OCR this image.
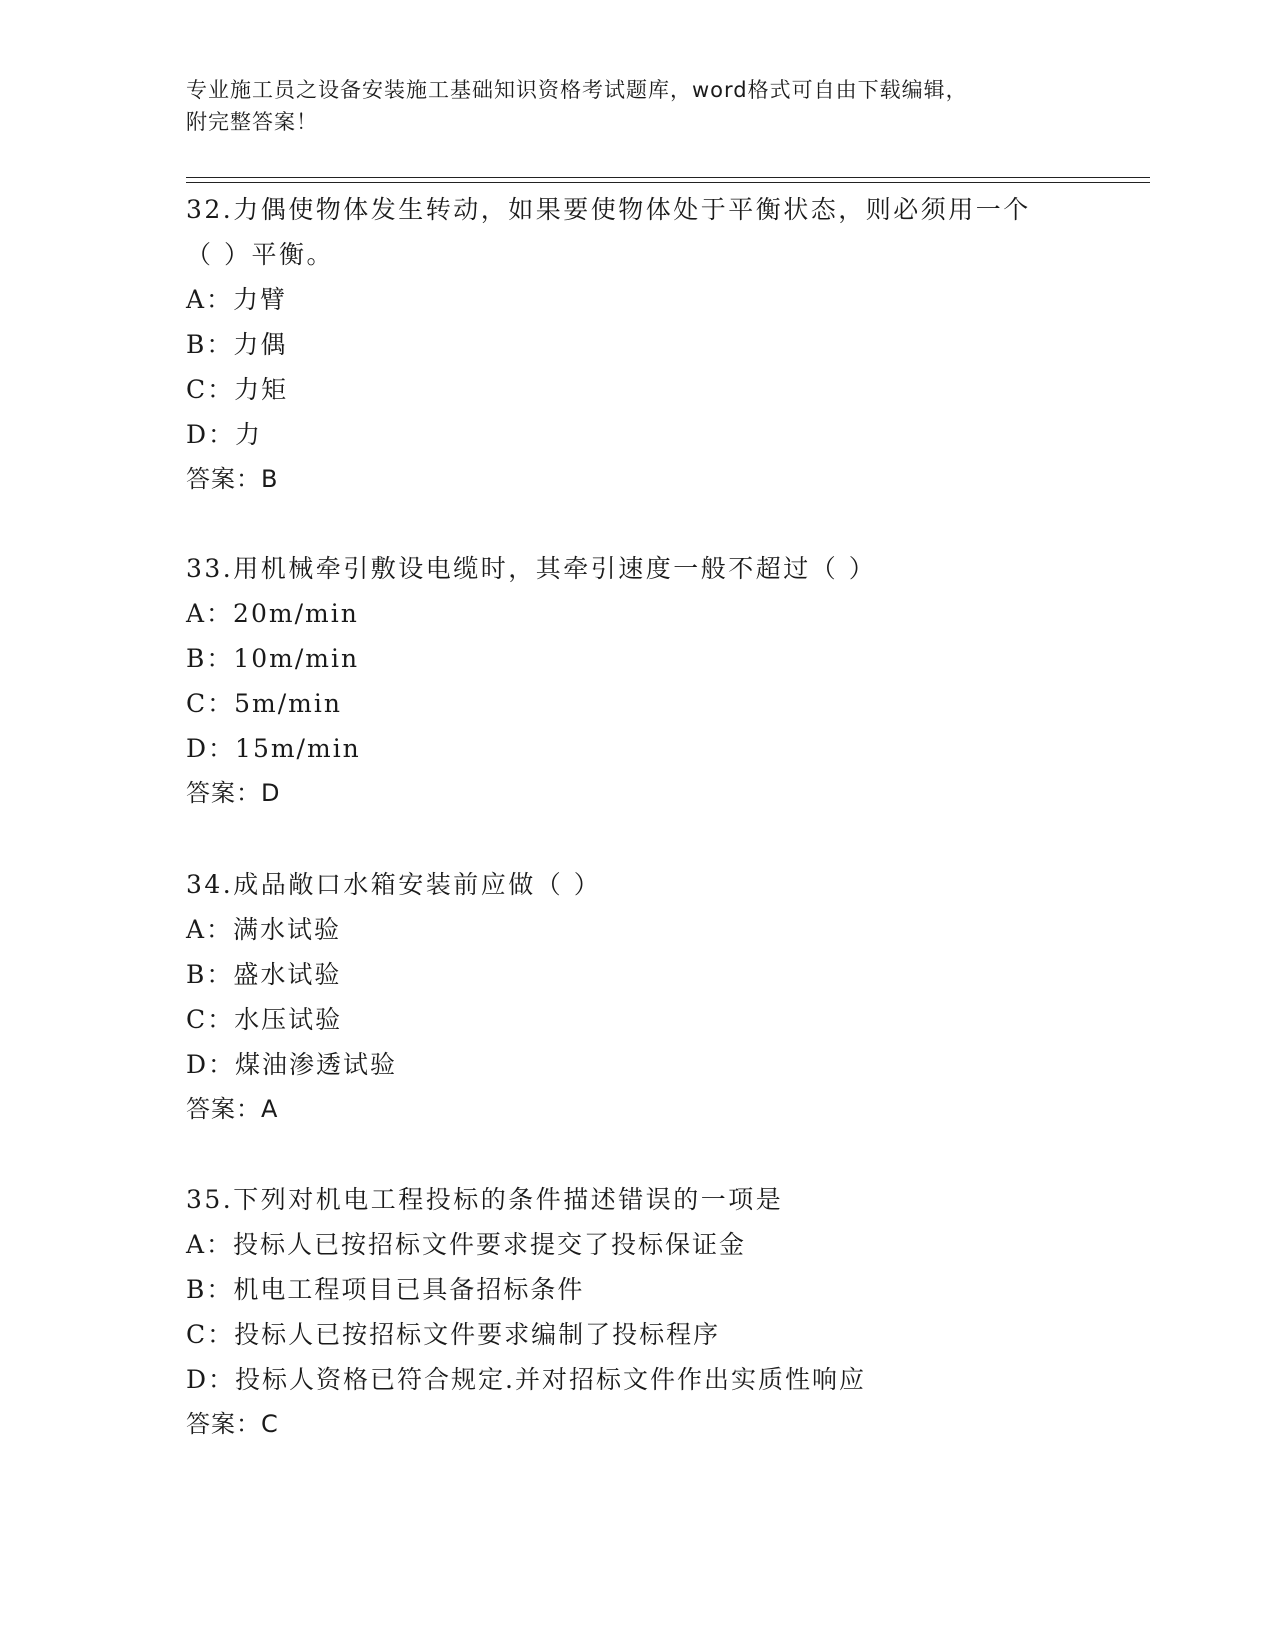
专业施工员之设备安装施工基础知识资格考试题库，word格式可自由下载编辑，
附完整答案！
32.力偶使物体发生转动，如果要使物体处于平衡状态，则必须用一个
（ ）平衡。
A：力臂
B：力偶
C：力矩
D：力
答案：B
33.用机械牵引敷设电缆时，其牵引速度一般不超过（ ）
A：20m/min
B：10m/min
C：5m/min
D：15m/min
答案：D
34.成品敞口水箱安装前应做（ ）
A：满水试验
B：盛水试验
C：水压试验
D：煤油渗透试验
答案：A
35.下列对机电工程投标的条件描述错误的一项是
A：投标人已按招标文件要求提交了投标保证金
B：机电工程项目已具备招标条件
C：投标人已按招标文件要求编制了投标程序
D：投标人资格已符合规定.并对招标文件作出实质性响应
答案：C
